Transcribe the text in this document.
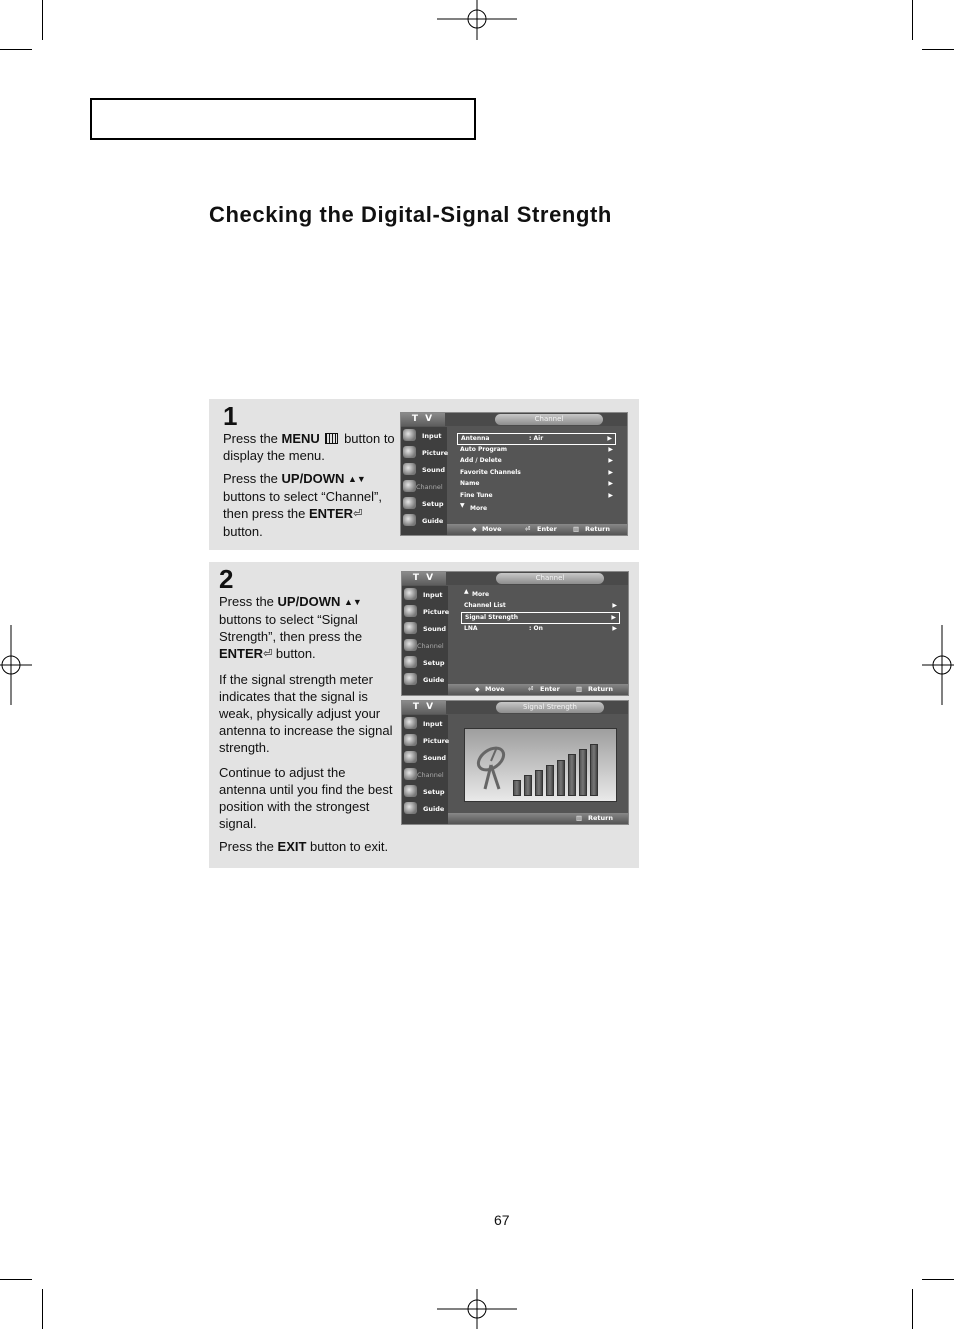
Checking the Digital-Signal Strength
1

Press the MENU  button to display the menu.

Press the UP/DOWN ▲▼ buttons to select “Channel”, then press the ENTER⏎ button.

T V	Channel
Input
Picture
Sound
Channel
Setup
Guide
Antenna	: Air	▶
Auto Program	▶
Add / Delete	▶
Favorite Channels	▶
Name	▶
Fine Tune	▶
▼ More
◆ Move	⏎ Enter ▥ Return
2

Press the UP/DOWN ▲▼ buttons to select “Signal Strength”, then press the ENTER⏎ button.

If the signal strength meter indicates that the signal is weak, physically adjust your antenna to increase the signal strength.

Continue to adjust the antenna until you find the best position with the strongest signal.

Press the EXIT button to exit.

T V	Channel
Input
Picture
Sound
Channel
Setup
Guide
▲ More
Channel List	▶
Signal Strength	▶
LNA	: On	▶
◆ Move	⏎ Enter ▥ Return
T V	Signal Strength
Input
Picture
Sound
Channel
Setup
Guide
▥ Return
67
